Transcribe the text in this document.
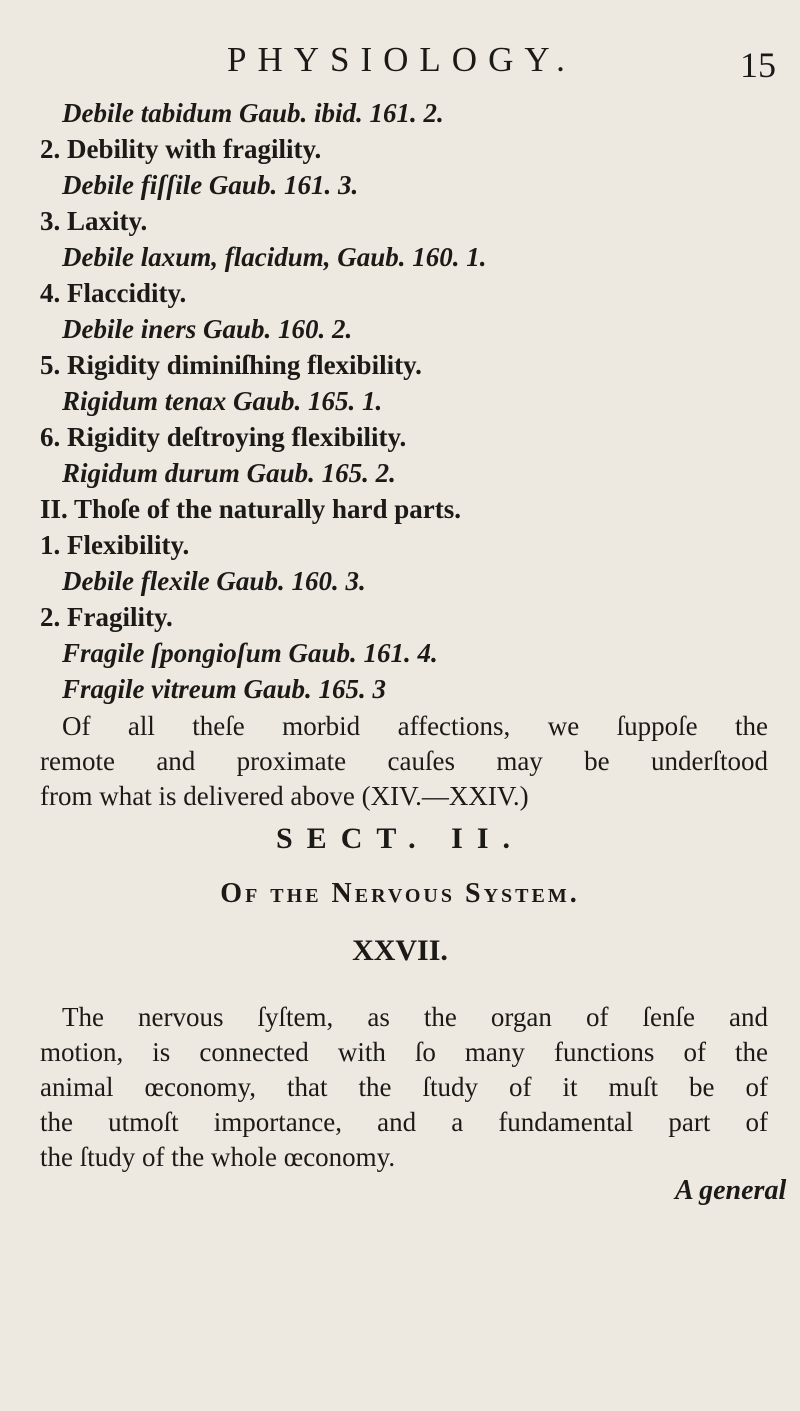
PHYSIOLOGY.	15
Debile tabidum Gaub. ibid. 161. 2.
2. Debility with fragility.
Debile fiſſile Gaub. 161. 3.
3. Laxity.
Debile laxum, flacidum, Gaub. 160. 1.
4. Flaccidity.
Debile iners Gaub. 160. 2.
5. Rigidity diminiſhing flexibility.
Rigidum tenax Gaub. 165. 1.
6. Rigidity deſtroying flexibility.
Rigidum durum Gaub. 165. 2.
II. Thoſe of the naturally hard parts.
1. Flexibility.
Debile flexile Gaub. 160. 3.
2. Fragility.
Fragile ſpongioſum Gaub. 161. 4.
Fragile vitreum Gaub. 165. 3
Of all theſe morbid affections, we ſuppoſe the
remote and proximate cauſes may be underſtood
from what is delivered above (XIV.—XXIV.)
SECT. II.
Of the Nervous System.
XXVII.
The nervous ſyſtem, as the organ of ſenſe and
motion, is connected with ſo many functions of the
animal œconomy, that the ſtudy of it muſt be of
the utmoſt importance, and a fundamental part of
the ſtudy of the whole œconomy.
A general
